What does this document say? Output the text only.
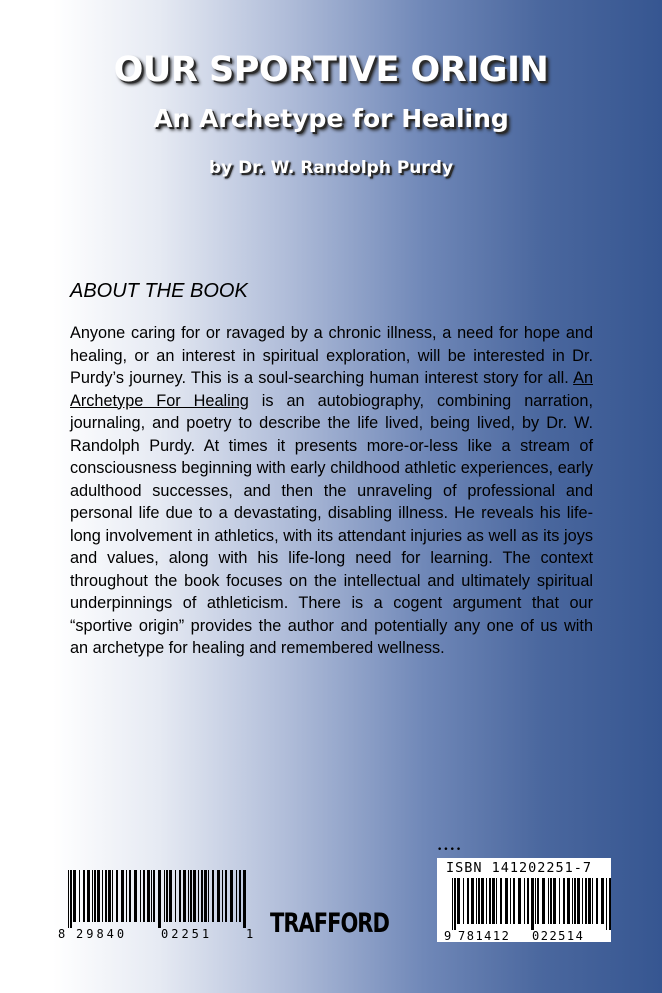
OUR SPORTIVE ORIGIN
An Archetype for Healing

by Dr. W. Randolph Purdy

ABOUT THE BOOK

Anyone caring for or ravaged by a chronic illness, a need for hope and healing, or an interest in spiritual exploration, will be interested in Dr. Purdy’s journey. This is a soul-searching human interest story for all. An Archetype For Healing is an autobiography, combining narration, journaling, and poetry to describe the life lived, being lived, by Dr. W. Randolph Purdy. At times it presents more-or-less like a stream of consciousness beginning with early childhood athletic experiences, early adulthood successes, and then the unraveling of professional and personal life due to a devastating, disabling illness. He reveals his life-long involvement in athletics, with its attendant injuries as well as its joys and values, along with his life-long need for learning. The context throughout the book focuses on the intellectual and ultimately spiritual underpinnings of athleticism. There is a cogent argument that our “sportive origin” provides the author and potentially any one of us with an archetype for healing and remembered wellness.

8 29840	02251	1 TRAFFORD

••••

ISBN 141202251-7

9 781412 022514
